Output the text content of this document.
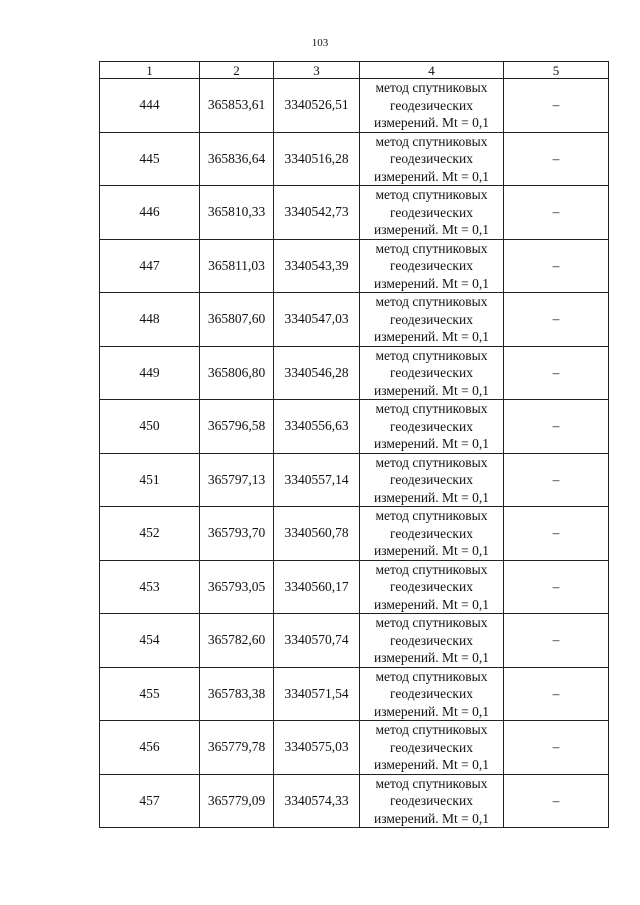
103
1	2	3	4	5
444	365853,61	3340526,51	метод спутниковых
геодезических
измерений. Mt = 0,1	–
445	365836,64	3340516,28	метод спутниковых
геодезических
измерений. Mt = 0,1	–
446	365810,33	3340542,73	метод спутниковых
геодезических
измерений. Mt = 0,1	–
447	365811,03	3340543,39	метод спутниковых
геодезических
измерений. Mt = 0,1	–
448	365807,60	3340547,03	метод спутниковых
геодезических
измерений. Mt = 0,1	–
449	365806,80	3340546,28	метод спутниковых
геодезических
измерений. Mt = 0,1	–
450	365796,58	3340556,63	метод спутниковых
геодезических
измерений. Mt = 0,1	–
451	365797,13	3340557,14	метод спутниковых
геодезических
измерений. Mt = 0,1	–
452	365793,70	3340560,78	метод спутниковых
геодезических
измерений. Mt = 0,1	–
453	365793,05	3340560,17	метод спутниковых
геодезических
измерений. Mt = 0,1	–
454	365782,60	3340570,74	метод спутниковых
геодезических
измерений. Mt = 0,1	–
455	365783,38	3340571,54	метод спутниковых
геодезических
измерений. Mt = 0,1	–
456	365779,78	3340575,03	метод спутниковых
геодезических
измерений. Mt = 0,1	–
457	365779,09	3340574,33	метод спутниковых
геодезических
измерений. Mt = 0,1	–
